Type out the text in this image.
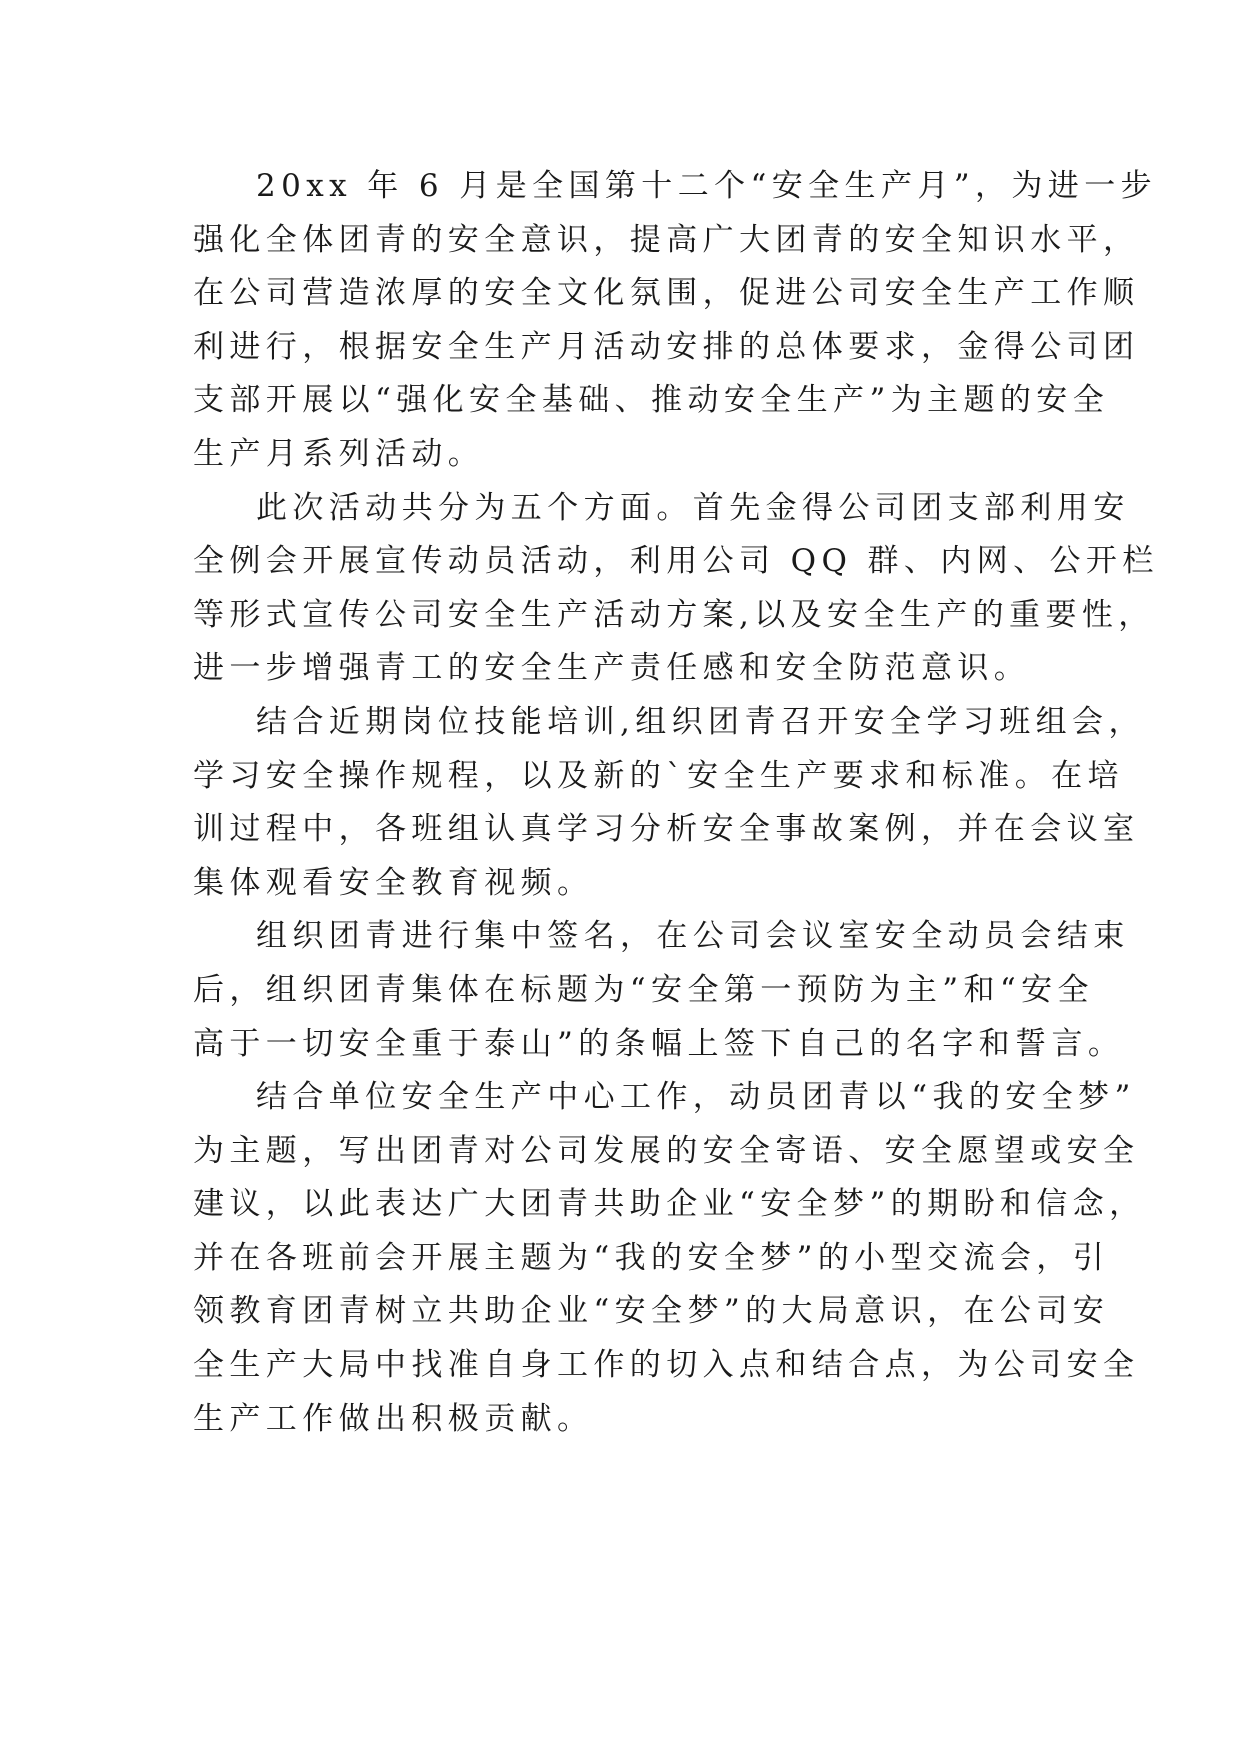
20xx 年 6 月是全国第十二个“安全生产月”，为进一步
强化全体团青的安全意识，提高广大团青的安全知识水平，
在公司营造浓厚的安全文化氛围，促进公司安全生产工作顺
利进行，根据安全生产月活动安排的总体要求，金得公司团
支部开展以“强化安全基础、推动安全生产”为主题的安全
生产月系列活动。

此次活动共分为五个方面。首先金得公司团支部利用安
全例会开展宣传动员活动，利用公司 QQ 群、内网、公开栏
等形式宣传公司安全生产活动方案,以及安全生产的重要性，
进一步增强青工的安全生产责任感和安全防范意识。

结合近期岗位技能培训,组织团青召开安全学习班组会，
学习安全操作规程，以及新的`安全生产要求和标准。在培
训过程中，各班组认真学习分析安全事故案例，并在会议室
集体观看安全教育视频。

组织团青进行集中签名，在公司会议室安全动员会结束
后，组织团青集体在标题为“安全第一预防为主”和“安全
高于一切安全重于泰山”的条幅上签下自己的名字和誓言。

结合单位安全生产中心工作，动员团青以“我的安全梦”
为主题，写出团青对公司发展的安全寄语、安全愿望或安全
建议，以此表达广大团青共助企业“安全梦”的期盼和信念，
并在各班前会开展主题为“我的安全梦”的小型交流会，引
领教育团青树立共助企业“安全梦”的大局意识，在公司安
全生产大局中找准自身工作的切入点和结合点，为公司安全
生产工作做出积极贡献。
